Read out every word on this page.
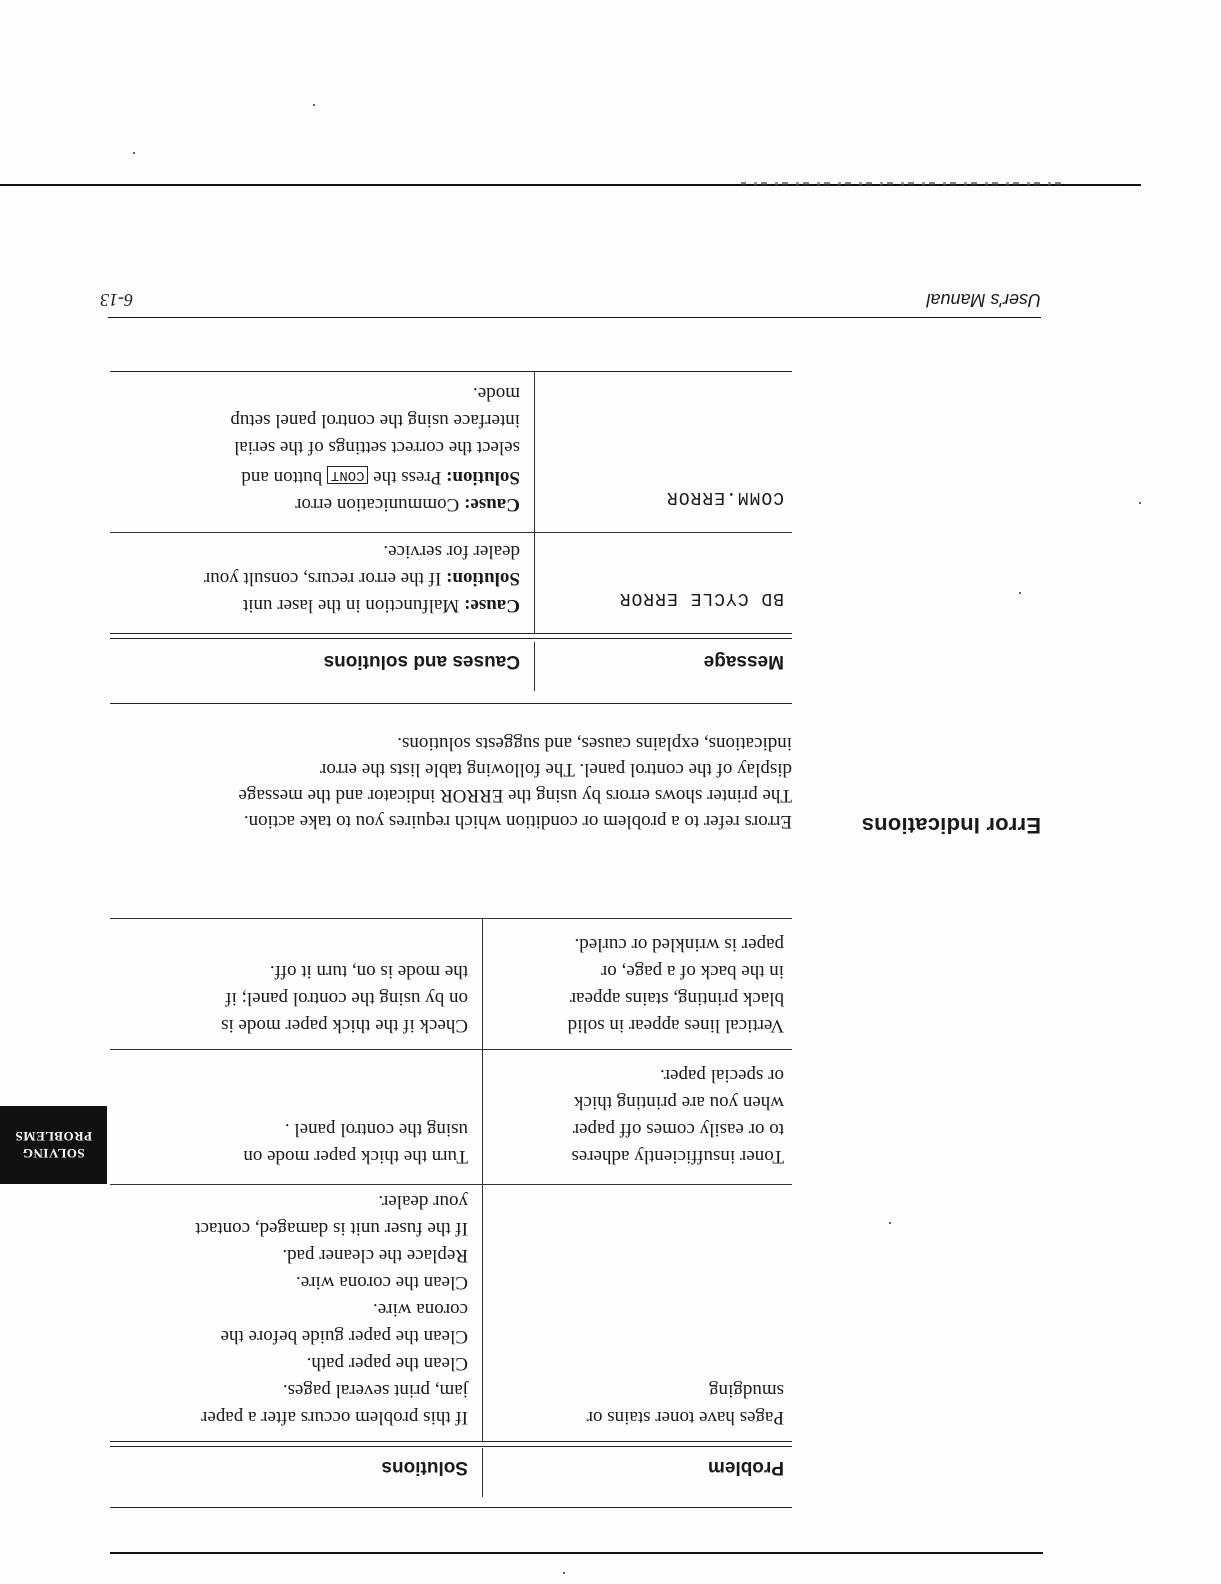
SOLVING
PROBLEMS
Problem
Solutions
Pages have toner stains or
smudging
If this problem occurs after a paper
jam, print several pages.
Clean the paper path.
Clean the paper guide before the
corona wire.
Clean the corona wire.
Replace the cleaner pad.
If the fuser unit is damaged, contact
your dealer.
Toner insufficiently adheres
to or easily comes off paper
when you are printing thick
or special paper.
Turn the thick paper mode on
using the control panel .
Vertical lines appear in solid
black printing, stains appear
in the back of a page, or
paper is wrinkled or curled.
Check if the thick paper mode is
on by using the control panel; if
the mode is on, turn it off.
Error Indications
Errors refer to a problem or condition which requires you to take action.
The printer shows errors by using the ERROR indicator and the message
display of the control panel. The following table lists the error
indications, explains causes, and suggests solutions.
Message
Causes and solutions
BD CYCLE ERROR
Cause: Malfunction in the laser unit
Solution: If the error recurs, consult your
dealer for service.
COMM.ERROR
Cause: Communication error
Solution: Press the CONT button and
select the correct settings of the serial
interface using the control panel setup
mode.
User's Manual
6-13
